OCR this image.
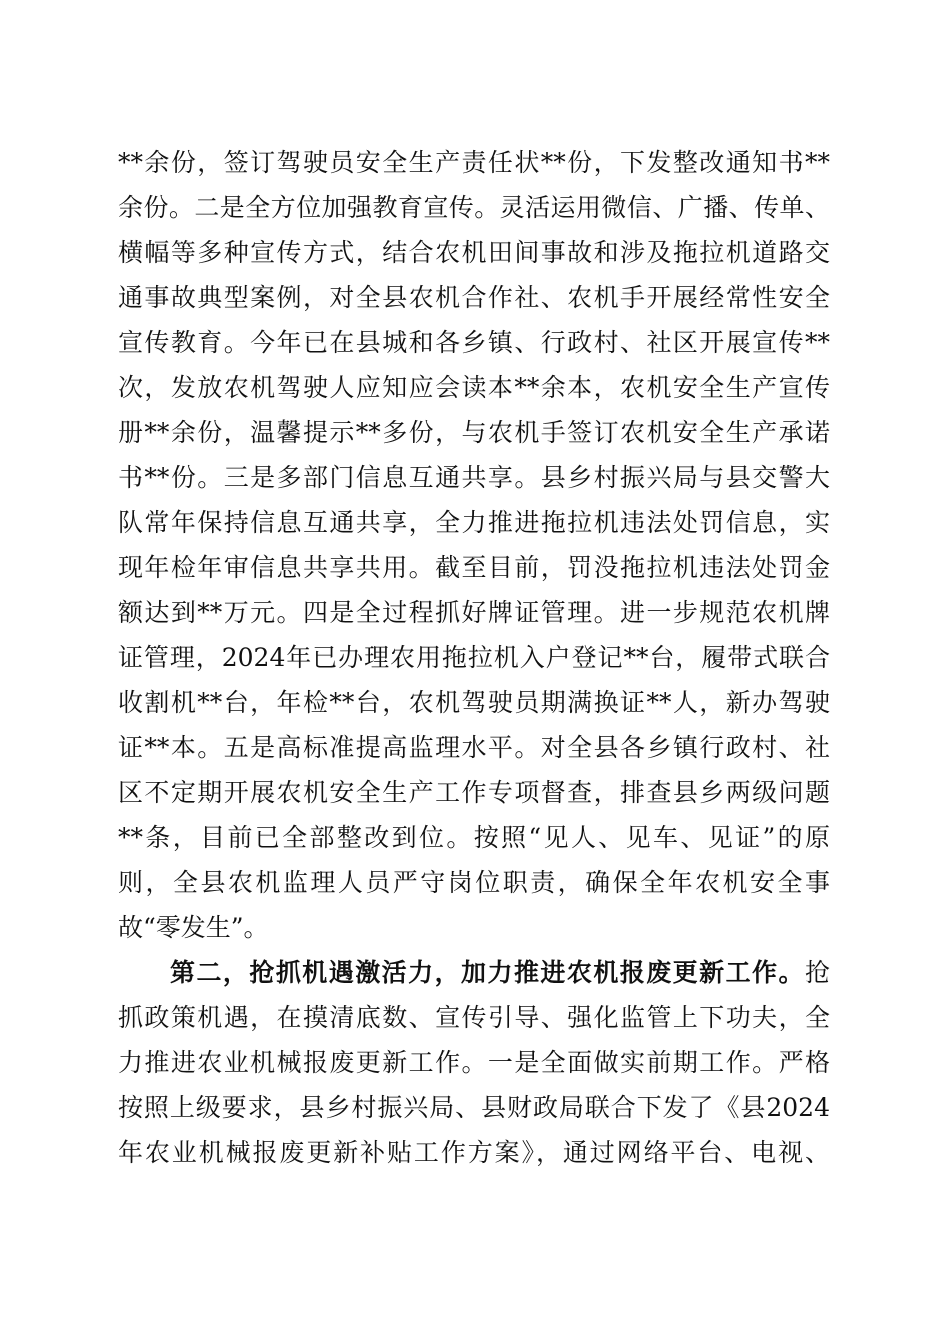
**余份，签订驾驶员安全生产责任状**份，下发整改通知书**
余份。二是全方位加强教育宣传。灵活运用微信、广播、传单、
横幅等多种宣传方式，结合农机田间事故和涉及拖拉机道路交
通事故典型案例，对全县农机合作社、农机手开展经常性安全
宣传教育。今年已在县城和各乡镇、行政村、社区开展宣传**
次，发放农机驾驶人应知应会读本**余本，农机安全生产宣传
册**余份，温馨提示**多份，与农机手签订农机安全生产承诺
书**份。三是多部门信息互通共享。县乡村振兴局与县交警大
队常年保持信息互通共享，全力推进拖拉机违法处罚信息，实
现年检年审信息共享共用。截至目前，罚没拖拉机违法处罚金
额达到**万元。四是全过程抓好牌证管理。进一步规范农机牌
证管理，2024年已办理农用拖拉机入户登记**台，履带式联合
收割机**台，年检**台，农机驾驶员期满换证**人，新办驾驶
证**本。五是高标准提高监理水平。对全县各乡镇行政村、社
区不定期开展农机安全生产工作专项督查，排查县乡两级问题
**条，目前已全部整改到位。按照“见人、见车、见证”的原
则，全县农机监理人员严守岗位职责，确保全年农机安全事
故“零发生”。
第二，抢抓机遇激活力，加力推进农机报废更新工作。抢
抓政策机遇，在摸清底数、宣传引导、强化监管上下功夫，全
力推进农业机械报废更新工作。一是全面做实前期工作。严格
按照上级要求，县乡村振兴局、县财政局联合下发了《县2024
年农业机械报废更新补贴工作方案》，通过网络平台、电视、
